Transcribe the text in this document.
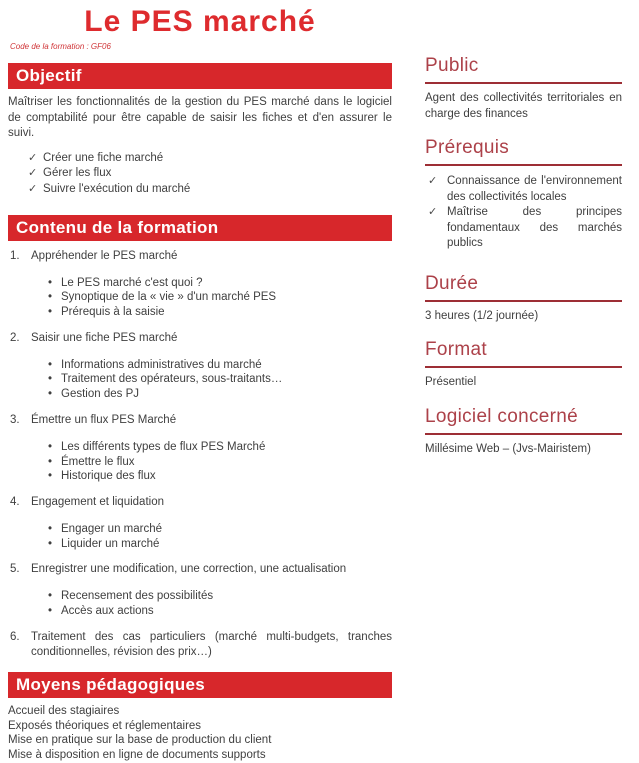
Le PES marché
Code de la formation : GF06
Objectif

Maîtriser les fonctionnalités de la gestion du PES marché dans le logiciel de comptabilité pour être capable de saisir les fiches et d'en assurer le suivi.

✓ Créer une fiche marché
✓ Gérer les flux
✓ Suivre l'exécution du marché
Contenu de la formation
1. Appréhender le PES marché
• Le PES marché c'est quoi ?
• Synoptique de la « vie » d'un marché PES
• Prérequis à la saisie
2. Saisir une fiche PES marché
• Informations administratives du marché
• Traitement des opérateurs, sous-traitants…
• Gestion des PJ
3. Émettre un flux PES Marché
• Les différents types de flux PES Marché
• Émettre le flux
• Historique des flux
4. Engagement et liquidation
• Engager un marché
• Liquider un marché
5. Enregistrer une modification, une correction, une actualisation
• Recensement des possibilités
• Accès aux actions
6. Traitement des cas particuliers (marché multi-budgets, tranches conditionnelles, révision des prix…)
Moyens pédagogiques
Accueil des stagiaires
Exposés théoriques et réglementaires
Mise en pratique sur la base de production du client
Mise à disposition en ligne de documents supports
Public

Agent des collectivités territoriales en charge des finances

Prérequis
✓ Connaissance de l'environnement des collectivités locales
✓ Maîtrise des principes fondamentaux des marchés publics
Durée

3 heures (1/2 journée)

Format

Présentiel

Logiciel concerné

Millésime Web – (Jvs-Mairistem)
